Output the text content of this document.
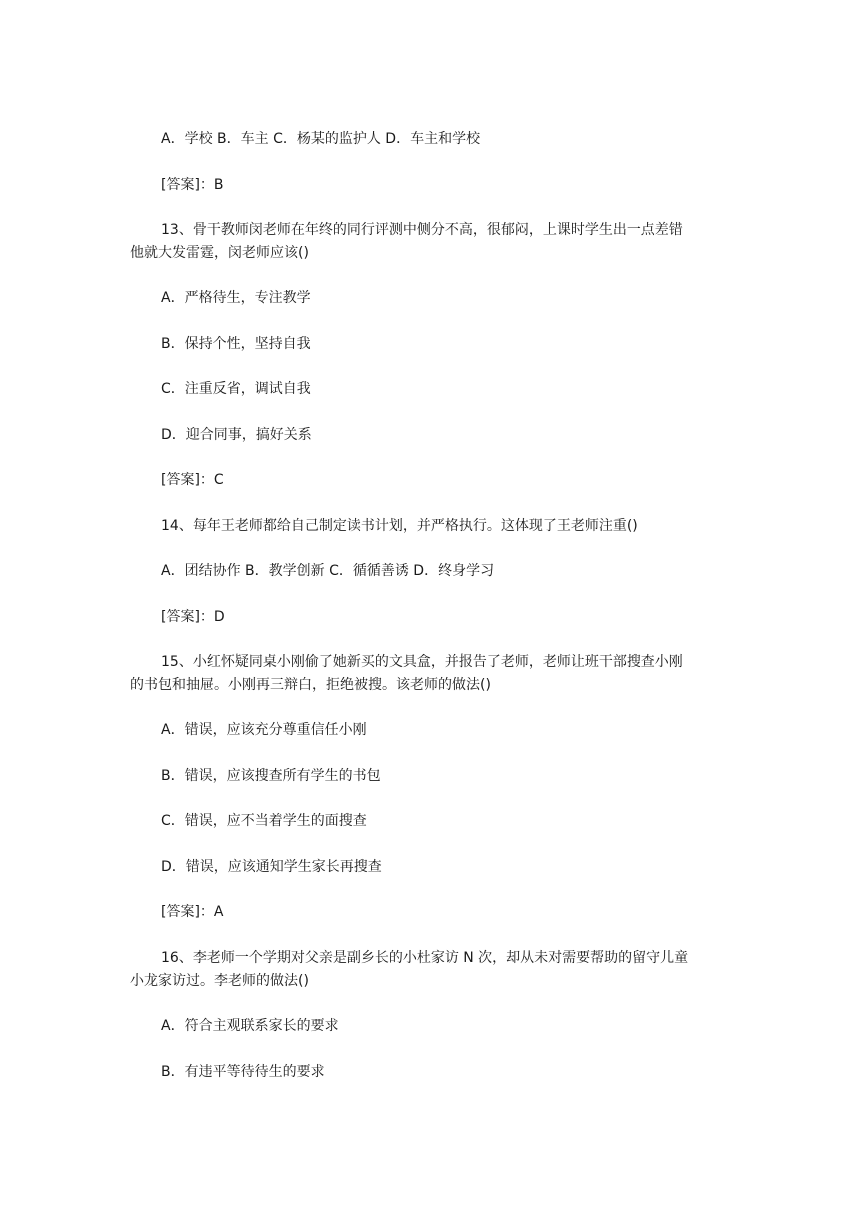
A．学校 B．车主 C．杨某的监护人 D．车主和学校
[答案]：B
13、骨干教师闵老师在年终的同行评测中侧分不高，很郁闷，上课时学生出一点差错
他就大发雷霆，闵老师应该()
A．严格待生，专注教学
B．保持个性，坚持自我
C．注重反省，调试自我
D．迎合同事，搞好关系
[答案]：C
14、每年王老师都给自己制定读书计划，并严格执行。这体现了王老师注重()
A．团结协作 B．教学创新 C．循循善诱 D．终身学习
[答案]：D
15、小红怀疑同桌小刚偷了她新买的文具盒，并报告了老师，老师让班干部搜查小刚
的书包和抽屉。小刚再三辩白，拒绝被搜。该老师的做法()
A．错误，应该充分尊重信任小刚
B．错误，应该搜查所有学生的书包
C．错误，应不当着学生的面搜查
D．错误，应该通知学生家长再搜查
[答案]：A
16、李老师一个学期对父亲是副乡长的小杜家访 N 次，却从未对需要帮助的留守儿童
小龙家访过。李老师的做法()
A．符合主观联系家长的要求
B．有违平等待待生的要求
